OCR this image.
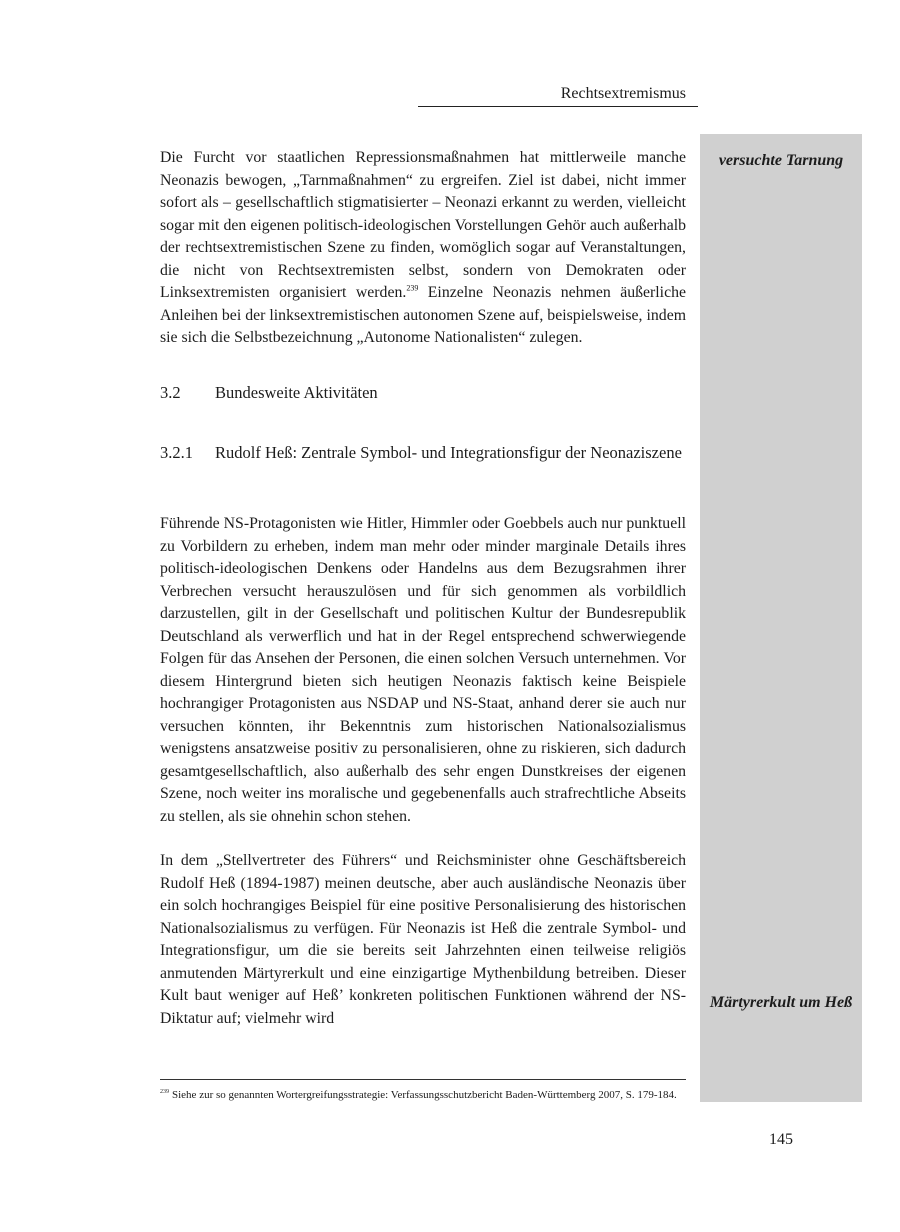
Rechtsextremismus
versuchte Tarnung
Märtyrerkult um Heß

Die Furcht vor staatlichen Repressionsmaßnahmen hat mittlerweile manche Neonazis bewogen, „Tarnmaßnahmen“ zu ergreifen. Ziel ist dabei, nicht immer sofort als – gesellschaftlich stigmatisierter – Neonazi erkannt zu werden, vielleicht sogar mit den eigenen politisch-ideologischen Vorstellungen Gehör auch außerhalb der rechtsextremistischen Szene zu finden, womöglich sogar auf Veranstaltungen, die nicht von Rechtsextremisten selbst, sondern von Demokraten oder Linksextremisten organisiert werden.$^{239}$ Einzelne Neonazis nehmen äußerliche Anleihen bei der linksextremistischen autonomen Szene auf, beispielsweise, indem sie sich die Selbstbezeichnung „Autonome Nationalisten“ zulegen.

3.2	Bundesweite Aktivitäten
3.2.1	Rudolf Heß: Zentrale Symbol- und Integrationsfigur der Neonaziszene

Führende NS-Protagonisten wie Hitler, Himmler oder Goebbels auch nur punktuell zu Vorbildern zu erheben, indem man mehr oder minder marginale Details ihres politisch-ideologischen Denkens oder Handelns aus dem Bezugsrahmen ihrer Verbrechen versucht herauszulösen und für sich genommen als vorbildlich darzustellen, gilt in der Gesellschaft und politischen Kultur der Bundesrepublik Deutschland als verwerflich und hat in der Regel entsprechend schwerwiegende Folgen für das Ansehen der Personen, die einen solchen Versuch unternehmen. Vor diesem Hintergrund bieten sich heutigen Neonazis faktisch keine Beispiele hochrangiger Protagonisten aus NSDAP und NS-Staat, anhand derer sie auch nur versuchen könnten, ihr Bekenntnis zum historischen Nationalsozialismus wenigstens ansatzweise positiv zu personalisieren, ohne zu riskieren, sich dadurch gesamtgesellschaftlich, also außerhalb des sehr engen Dunstkreises der eigenen Szene, noch weiter ins moralische und gegebenenfalls auch strafrechtliche Abseits zu stellen, als sie ohnehin schon stehen.

In dem „Stellvertreter des Führers“ und Reichsminister ohne Geschäftsbereich Rudolf Heß (1894-1987) meinen deutsche, aber auch ausländische Neonazis über ein solch hochrangiges Beispiel für eine positive Personalisierung des historischen Nationalsozialismus zu verfügen. Für Neonazis ist Heß die zentrale Symbol- und Integrationsfigur, um die sie bereits seit Jahrzehnten einen teilweise religiös anmutenden Märtyrerkult und eine einzigartige Mythenbildung betreiben. Dieser Kult baut weniger auf Heß’ konkreten politischen Funktionen während der NS-Diktatur auf; vielmehr wird

239 Siehe zur so genannten Wortergreifungsstrategie: Verfassungsschutzbericht Baden-Württemberg 2007, S. 179-184.
145
